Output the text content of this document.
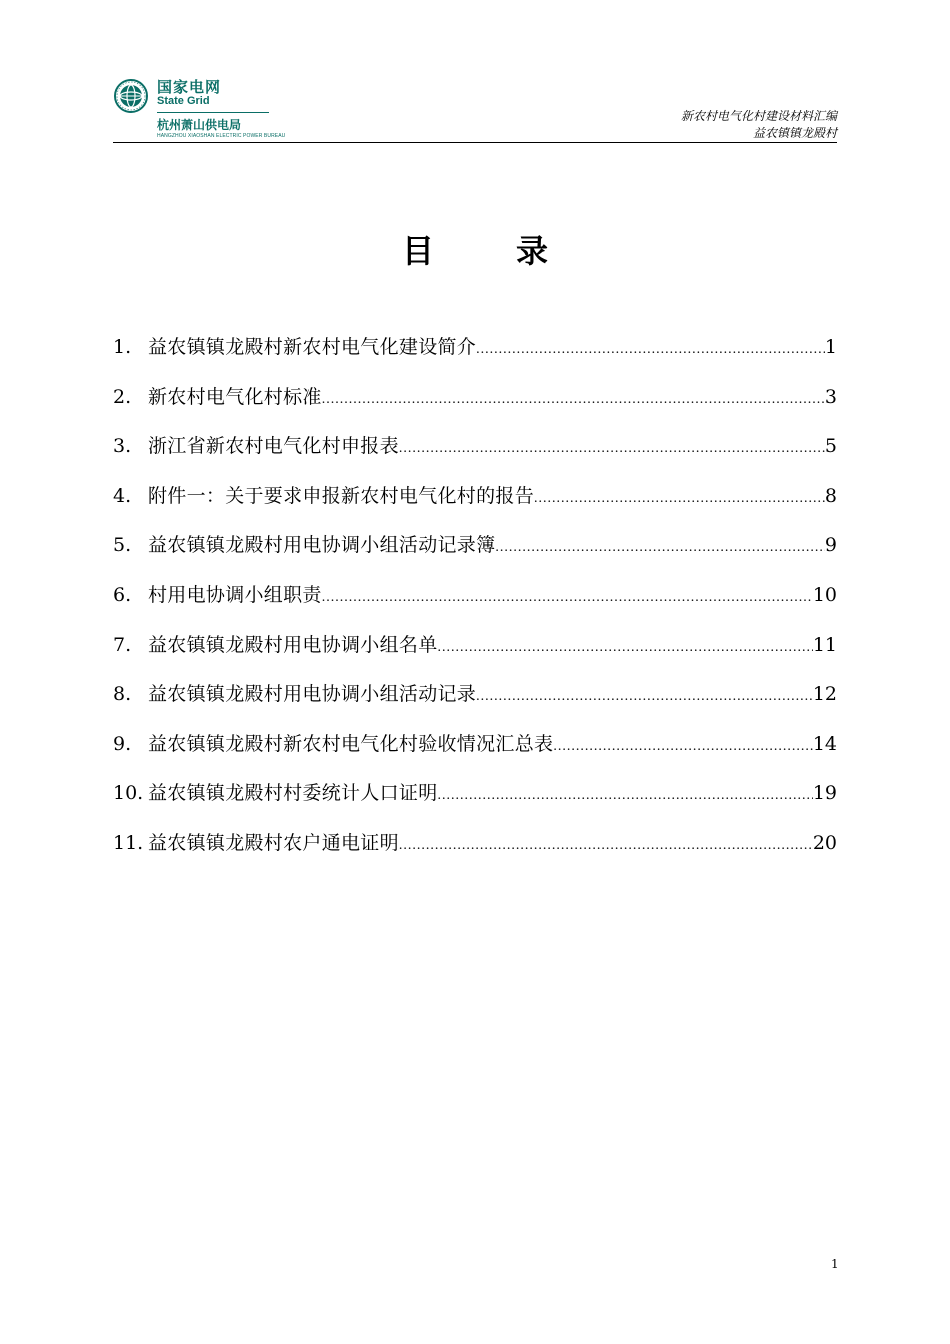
国家电网
State Grid
杭州萧山供电局
HANGZHOU XIAOSHAN ELECTRIC POWER BUREAU
新农村电气化村建设材料汇编
益农镇镇龙殿村
目	录
1. 益农镇镇龙殿村新农村电气化建设简介 .....	1
2. 新农村电气化村标准 .....	3
3. 浙江省新农村电气化村申报表 .....	5
4. 附件一：关于要求申报新农村电气化村的报告 .....	8
5. 益农镇镇龙殿村用电协调小组活动记录簿 .....	9
6. 村用电协调小组职责 .....	10
7. 益农镇镇龙殿村用电协调小组名单 .....	11
8. 益农镇镇龙殿村用电协调小组活动记录 .....	12
9. 益农镇镇龙殿村新农村电气化村验收情况汇总表 .....	14
10. 益农镇镇龙殿村村委统计人口证明 .....	19
11. 益农镇镇龙殿村农户通电证明 .....	20
1
